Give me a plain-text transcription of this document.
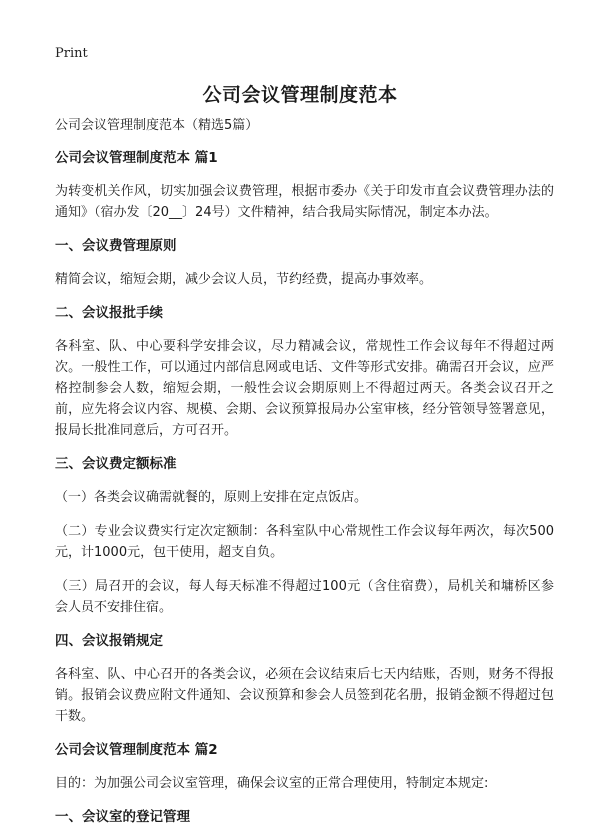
Print
公司会议管理制度范本
公司会议管理制度范本（精选5篇）
公司会议管理制度范本 篇1
为转变机关作风，切实加强会议费管理，根据市委办《关于印发市直会议费管理办法的通知》（宿办发〔20__〕24号）文件精神，结合我局实际情况，制定本办法。
一、会议费管理原则
精简会议，缩短会期，减少会议人员，节约经费，提高办事效率。
二、会议报批手续
各科室、队、中心要科学安排会议，尽力精减会议，常规性工作会议每年不得超过两次。一般性工作，可以通过内部信息网或电话、文件等形式安排。确需召开会议，应严格控制参会人数，缩短会期，一般性会议会期原则上不得超过两天。各类会议召开之前，应先将会议内容、规模、会期、会议预算报局办公室审核，经分管领导签署意见，报局长批准同意后，方可召开。
三、会议费定额标准
（一）各类会议确需就餐的，原则上安排在定点饭店。
（二）专业会议费实行定次定额制：各科室队中心常规性工作会议每年两次，每次500元，计1000元，包干使用，超支自负。
（三）局召开的会议，每人每天标准不得超过100元（含住宿费），局机关和墉桥区参会人员不安排住宿。
四、会议报销规定
各科室、队、中心召开的各类会议，必须在会议结束后七天内结账，否则，财务不得报销。报销会议费应附文件通知、会议预算和参会人员签到花名册，报销金额不得超过包干数。
公司会议管理制度范本 篇2
目的：为加强公司会议室管理，确保会议室的正常合理使用，特制定本规定:
一、会议室的登记管理
